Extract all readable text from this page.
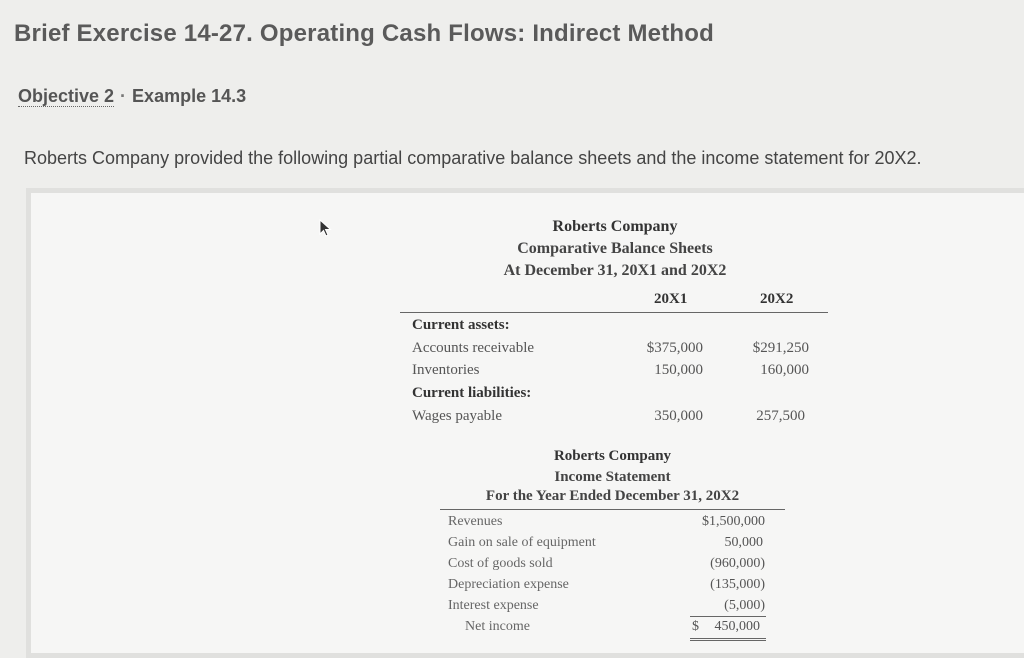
Brief Exercise 14-27. Operating Cash Flows: Indirect Method
Objective 2 · Example 14.3
Roberts Company provided the following partial comparative balance sheets and the income statement for 20X2.
Roberts Company
Comparative Balance Sheets
At December 31, 20X1 and 20X2
20X1	20X2
Current assets:
Accounts receivable	$375,000	$291,250
Inventories	150,000	160,000
Current liabilities:
Wages payable	350,000	257,500
Roberts Company
Income Statement
For the Year Ended December 31, 20X2
Revenues	$1,500,000
Gain on sale of equipment	50,000
Cost of goods sold	(960,000)
Depreciation expense	(135,000)
Interest expense	(5,000)
Net income	$	450,000
